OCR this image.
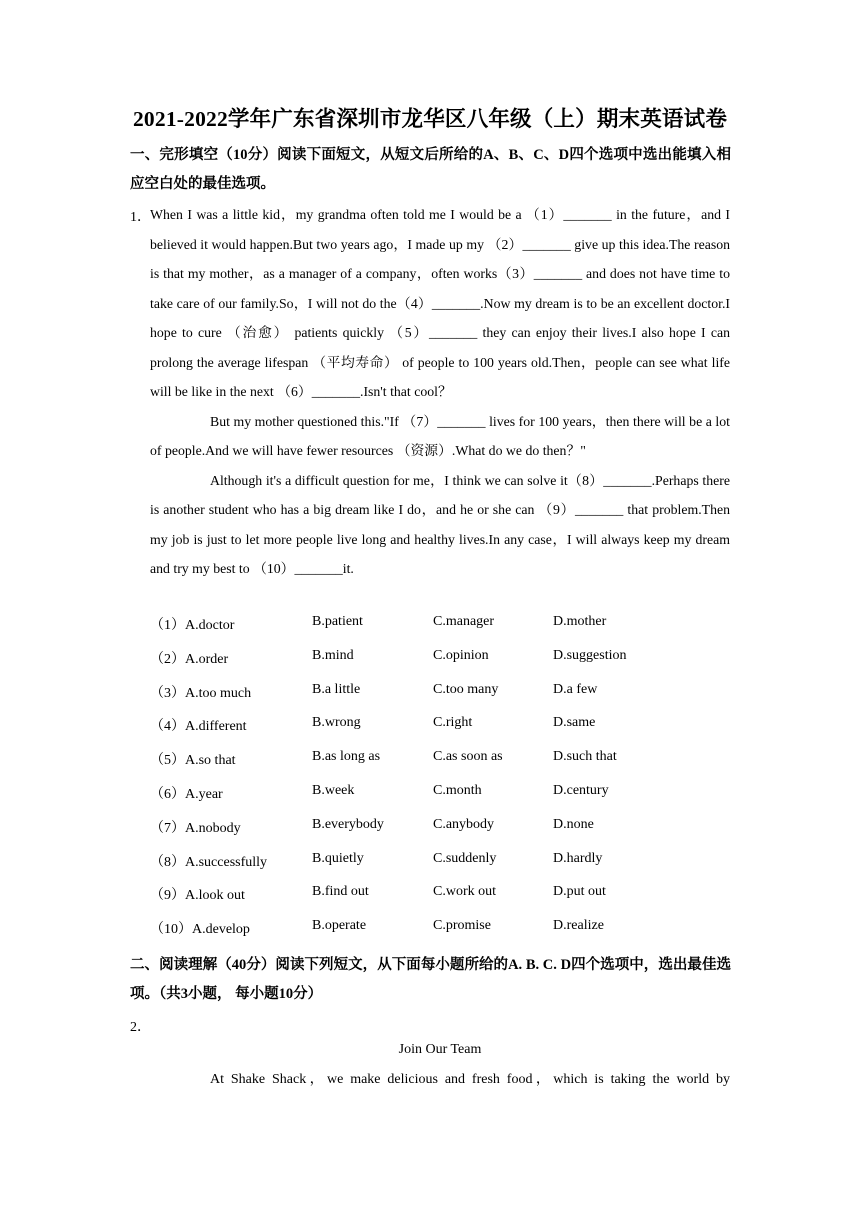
2021-2022学年广东省深圳市龙华区八年级（上）期末英语试卷
一、完形填空（10分）阅读下面短文，从短文后所给的A、B、C、D四个选项中选出能填入相应空白处的最佳选项。
1． When I was a little kid，my grandma often told me I would be a （1）_______ in the future，and I believed it would happen.But two years ago，I made up my （2）_______ give up this idea.The reason is that my mother，as a manager of a company，often works（3）_______ and does not have time to take care of our family.So，I will not do the（4）_______.Now my dream is to be an excellent doctor.I hope to cure （治愈） patients quickly （5）_______ they can enjoy their lives.I also hope I can prolong the average lifespan （平均寿命） of people to 100 years old.Then，people can see what life will be like in the next （6）_______.Isn't that cool？

But my mother questioned this."If （7）_______ lives for 100 years，then there will be a lot of people.And we will have fewer resources （资源）.What do we do then？"

Although it's a difficult question for me，I think we can solve it（8）_______.Perhaps there is another student who has a big dream like I do，and he or she can （9）_______ that problem.Then my job is just to let more people live long and healthy lives.In any case，I will always keep my dream and try my best to （10）_______it.

（1）A.doctor	B.patient	C.manager	D.mother
（2）A.order	B.mind	C.opinion	D.suggestion
（3）A.too much	B.a little	C.too many	D.a few
（4）A.different	B.wrong	C.right	D.same
（5）A.so that	B.as long as	C.as soon as	D.such that
（6）A.year	B.week	C.month	D.century
（7）A.nobody	B.everybody	C.anybody	D.none
（8）A.successfully	B.quietly	C.suddenly	D.hardly
（9）A.look out	B.find out	C.work out	D.put out
（10）A.develop	B.operate	C.promise	D.realize
二、阅读理解（40分）阅读下列短文，从下面每小题所给的A. B. C. D四个选项中，选出最佳选项。（共3小题， 每小题10分）
2．
Join Our Team
At Shake Shack，we make delicious and fresh food，which is taking the world by
